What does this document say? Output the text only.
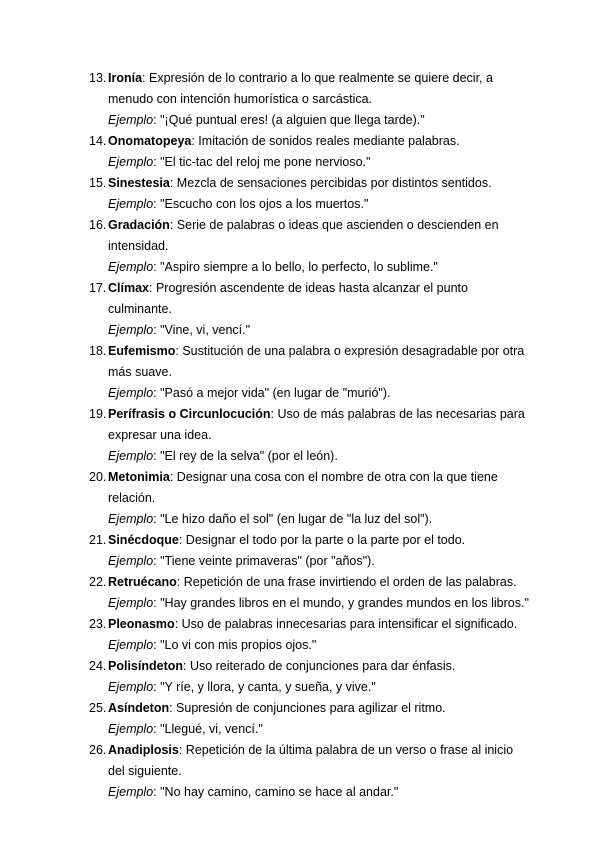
13. Ironía: Expresión de lo contrario a lo que realmente se quiere decir, a menudo con intención humorística o sarcástica.

Ejemplo: "¡Qué puntual eres! (a alguien que llega tarde)."

14. Onomatopeya: Imitación de sonidos reales mediante palabras.

Ejemplo: "El tic-tac del reloj me pone nervioso."

15. Sinestesia: Mezcla de sensaciones percibidas por distintos sentidos.

Ejemplo: "Escucho con los ojos a los muertos."

16. Gradación: Serie de palabras o ideas que ascienden o descienden en intensidad.

Ejemplo: "Aspiro siempre a lo bello, lo perfecto, lo sublime."

17. Clímax: Progresión ascendente de ideas hasta alcanzar el punto culminante.

Ejemplo: "Vine, vi, vencí."

18. Eufemismo: Sustitución de una palabra o expresión desagradable por otra más suave.

Ejemplo: "Pasó a mejor vida" (en lugar de "murió").

19. Perífrasis o Circunlocución: Uso de más palabras de las necesarias para expresar una idea.

Ejemplo: "El rey de la selva" (por el león).

20. Metonimia: Designar una cosa con el nombre de otra con la que tiene relación.

Ejemplo: "Le hizo daño el sol" (en lugar de "la luz del sol").

21. Sinécdoque: Designar el todo por la parte o la parte por el todo.

Ejemplo: "Tiene veinte primaveras" (por "años").

22. Retruécano: Repetición de una frase invirtiendo el orden de las palabras.

Ejemplo: "Hay grandes libros en el mundo, y grandes mundos en los libros."

23. Pleonasmo: Uso de palabras innecesarias para intensificar el significado.

Ejemplo: "Lo vi con mis propios ojos."

24. Polisíndeton: Uso reiterado de conjunciones para dar énfasis.

Ejemplo: "Y ríe, y llora, y canta, y sueña, y vive."

25. Asíndeton: Supresión de conjunciones para agilizar el ritmo.

Ejemplo: "Llegué, vi, vencí."

26. Anadiplosis: Repetición de la última palabra de un verso o frase al inicio del siguiente.

Ejemplo: "No hay camino, camino se hace al andar."
